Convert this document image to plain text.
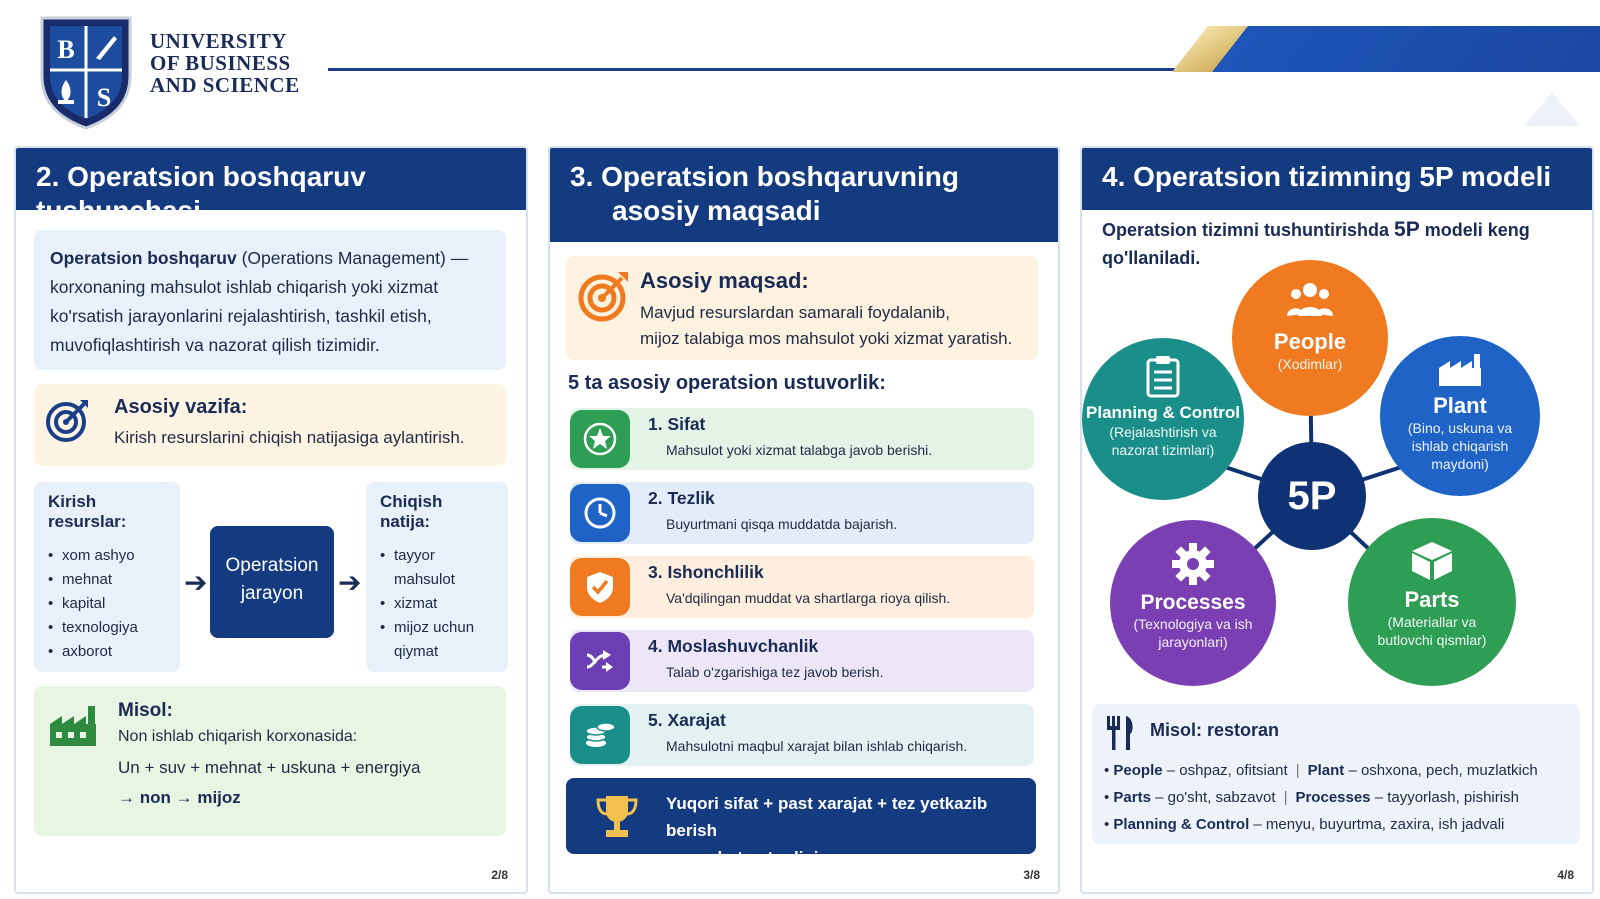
B
S
UNIVERSITY
OF BUSINESS
AND SCIENCE
2. Operatsion boshqaruv tushunchasi
Operatsion boshqaruv (Operations Management) — korxonaning mahsulot ishlab chiqarish yoki xizmat ko'rsatish jarayonlarini rejalashtirish, tashkil etish, muvofiqlashtirish va nazorat qilish tizimidir.
Asosiy vazifa:
Kirish resurslarini chiqish natijasiga aylantirish.
Kirish resurslar:
• xom ashyo
• mehnat
• kapital
• texnologiya
• axborot
➔
Operatsion jarayon	➔
Chiqish natija:
• tayyor mahsulot
• xizmat
• mijoz uchun qiymat
Misol:
Non ishlab chiqarish korxonasida:
Un + suv + mehnat + uskuna + energiya
→ non → mijoz
2/8
3. Operatsion boshqaruvning
asosiy maqsadi
Asosiy maqsad:
Mavjud resurslardan samarali foydalanib,
mijoz talabiga mos mahsulot yoki xizmat yaratish.
5 ta asosiy operatsion ustuvorlik:
1. Sifat
Mahsulot yoki xizmat talabga javob berishi.
2. Tezlik
Buyurtmani qisqa muddatda bajarish.
3. Ishonchlilik
Va'dqilingan muddat va shartlarga rioya qilish.
4. Moslashuvchanlik
Talab o'zgarishiga tez javob berish.
5. Xarajat
Mahsulotni maqbul xarajat bilan ishlab chiqarish.
Yuqori sifat + past xarajat + tez yetkazib berish
= raqobat ustunligi
3/8
4. Operatsion tizimning 5P modeli
Operatsion tizimni tushuntirishda 5P modeli keng qo'llaniladi.
People
(Xodimlar)
Plant
(Bino, uskuna va ishlab chiqarish maydoni)
Parts
(Materiallar va butlovchi qismlar)
Processes
(Texnologiya va ish jarayonlari)
Planning & Control
(Rejalashtirish va nazorat tizimlari)
5P
Misol: restoran
• People – oshpaz, ofitsiant | Plant – oshxona, pech, muzlatkich
• Parts – go'sht, sabzavot | Processes – tayyorlash, pishirish
• Planning & Control – menyu, buyurtma, zaxira, ish jadvali
4/8
